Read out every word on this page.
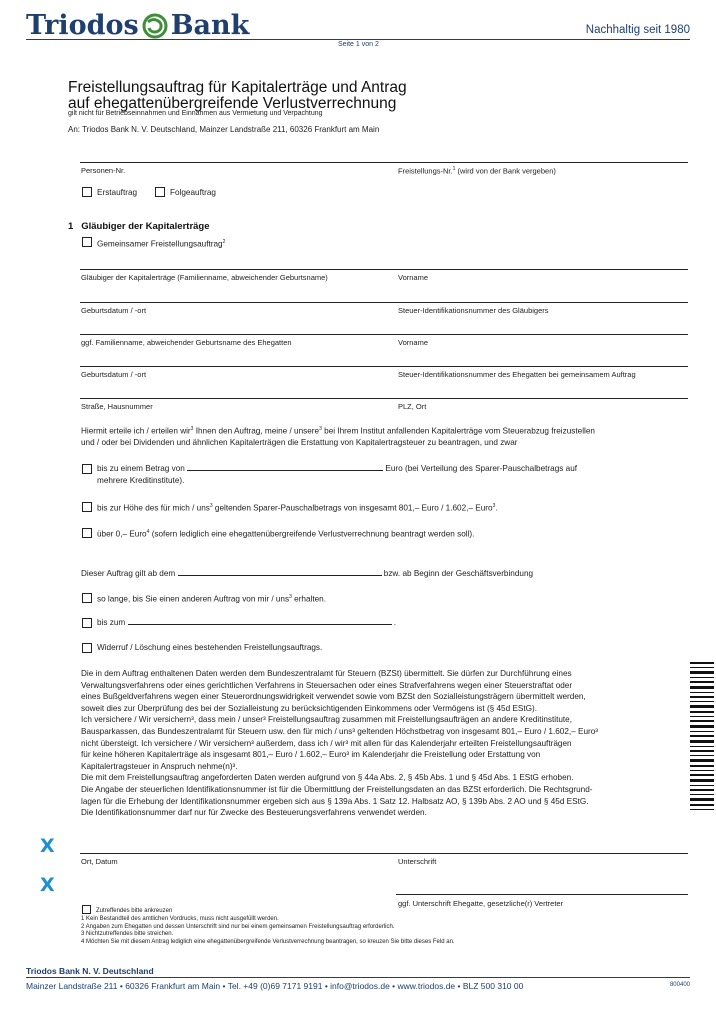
Triodos Bank	Nachhaltig seit 1980
Seite 1 von 2
Freistellungsauftrag für Kapitalerträge und Antrag
auf ehegattenübergreifende Verlustverrechnung
gilt nicht für Betriebseinnahmen und Einnahmen aus Vermietung und Verpachtung
An: Triodos Bank N. V. Deutschland, Mainzer Landstraße 211, 60326 Frankfurt am Main
Personen-Nr.	Freistellungs-Nr.$^1$ (wird von der Bank vergeben)
Erstauftrag	Folgeauftrag
1 Gläubiger der Kapitalerträge
Gemeinsamer Freistellungsauftrag$^2$
Gläubiger der Kapitalerträge (Familienname, abweichender Geburtsname)	Vorname
Geburtsdatum / -ort	Steuer-Identifikationsnummer des Gläubigers
ggf. Familienname, abweichender Geburtsname des Ehegatten	Vorname
Geburtsdatum / -ort	Steuer-Identifikationsnummer des Ehegatten bei gemeinsamem Auftrag
Straße, Hausnummer	PLZ, Ort
Hiermit erteile ich / erteilen wir$^3$ Ihnen den Auftrag, meine / unsere$^3$ bei Ihrem Institut anfallenden Kapitalerträge vom Steuerabzug freizustellen
und / oder bei Dividenden und ähnlichen Kapitalerträgen die Erstattung von Kapitalertragsteuer zu beantragen, und zwar
bis zu einem Betrag von	Euro (bei Verteilung des Sparer-Pauschalbetrags auf
mehrere Kreditinstitute).
bis zur Höhe des für mich / uns$^3$ geltenden Sparer-Pauschalbetrags von insgesamt 801,– Euro / 1.602,– Euro$^3$.
über 0,– Euro$^4$ (sofern lediglich eine ehegattenübergreifende Verlustverrechnung beantragt werden soll).
Dieser Auftrag gilt ab dem	bzw. ab Beginn der Geschäftsverbindung
so lange, bis Sie einen anderen Auftrag von mir / uns$^3$ erhalten.
bis zum	.
Widerruf / Löschung eines bestehenden Freistellungsauftrags.
Die in dem Auftrag enthaltenen Daten werden dem Bundeszentralamt für Steuern (BZSt) übermittelt. Sie dürfen zur Durchführung eines
Verwaltungsverfahrens oder eines gerichtlichen Verfahrens in Steuersachen oder eines Strafverfahrens wegen einer Steuerstraftat oder
eines Bußgeldverfahrens wegen einer Steuerordnungswidrigkeit verwendet sowie vom BZSt den Sozialleistungsträgern übermittelt werden,
soweit dies zur Überprüfung des bei der Sozialleistung zu berücksichtigenden Einkommens oder Vermögens ist (§ 45d EStG).
Ich versichere / Wir versichern³, dass mein / unser³ Freistellungsauftrag zusammen mit Freistellungsaufträgen an andere Kreditinstitute,
Bausparkassen, das Bundeszentralamt für Steuern usw. den für mich / uns³ geltenden Höchstbetrag von insgesamt 801,– Euro / 1.602,– Euro³
nicht übersteigt. Ich versichere / Wir versichern³ außerdem, dass ich / wir³ mit allen für das Kalenderjahr erteilten Freistellungsaufträgen
für keine höheren Kapitalerträge als insgesamt 801,– Euro / 1.602,– Euro³ im Kalenderjahr die Freistellung oder Erstattung von
Kapitalertragsteuer in Anspruch nehme(n)³.
Die mit dem Freistellungsauftrag angeforderten Daten werden aufgrund von § 44a Abs. 2, § 45b Abs. 1 und § 45d Abs. 1 EStG erhoben.
Die Angabe der steuerlichen Identifikationsnummer ist für die Übermittlung der Freistellungsdaten an das BZSt erforderlich. Die Rechtsgrund-
lagen für die Erhebung der Identifikationsnummer ergeben sich aus § 139a Abs. 1 Satz 12. Halbsatz AO, § 139b Abs. 2 AO und § 45d EStG.
Die Identifikationsnummer darf nur für Zwecke des Besteuerungsverfahrens verwendet werden.
X
Ort, Datum	Unterschrift
X
ggf. Unterschrift Ehegatte, gesetzliche(r) Vertreter
Zutreffendes bitte ankreuzen
1 Kein Bestandteil des amtlichen Vordrucks, muss nicht ausgefüllt werden.
2 Angaben zum Ehegatten und dessen Unterschrift sind nur bei einem gemeinsamen Freistellungsauftrag erforderlich.
3 Nichtzutreffendes bitte streichen.
4 Möchten Sie mit diesem Antrag lediglich eine ehegattenübergreifende Verlustverrechnung beantragen, so kreuzen Sie bitte dieses Feld an.
Triodos Bank N. V. Deutschland
Mainzer Landstraße 211 • 60326 Frankfurt am Main • Tel. +49 (0)69 7171 9191 • info@triodos.de • www.triodos.de • BLZ 500 310 00	800400
